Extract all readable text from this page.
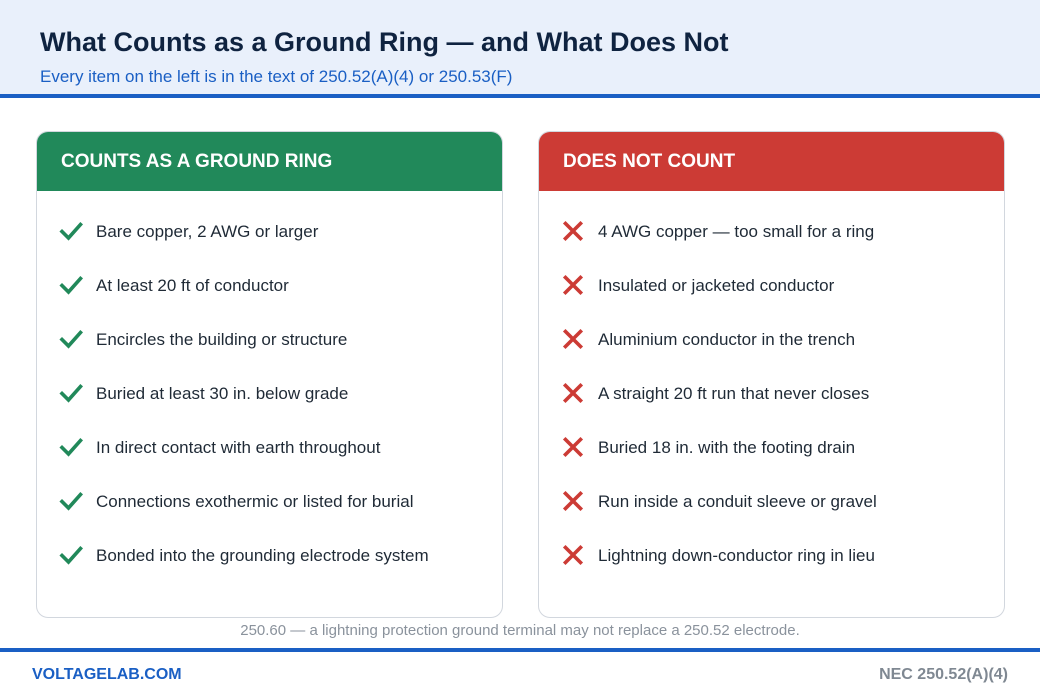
What Counts as a Ground Ring — and What Does Not
Every item on the left is in the text of 250.52(A)(4) or 250.53(F)
COUNTS AS A GROUND RING
Bare copper, 2 AWG or larger
At least 20 ft of conductor
Encircles the building or structure
Buried at least 30 in. below grade
In direct contact with earth throughout
Connections exothermic or listed for burial
Bonded into the grounding electrode system
DOES NOT COUNT
4 AWG copper — too small for a ring
Insulated or jacketed conductor
Aluminium conductor in the trench
A straight 20 ft run that never closes
Buried 18 in. with the footing drain
Run inside a conduit sleeve or gravel
Lightning down-conductor ring in lieu
250.60 — a lightning protection ground terminal may not replace a 250.52 electrode.
VOLTAGELAB.COM	NEC 250.52(A)(4)
